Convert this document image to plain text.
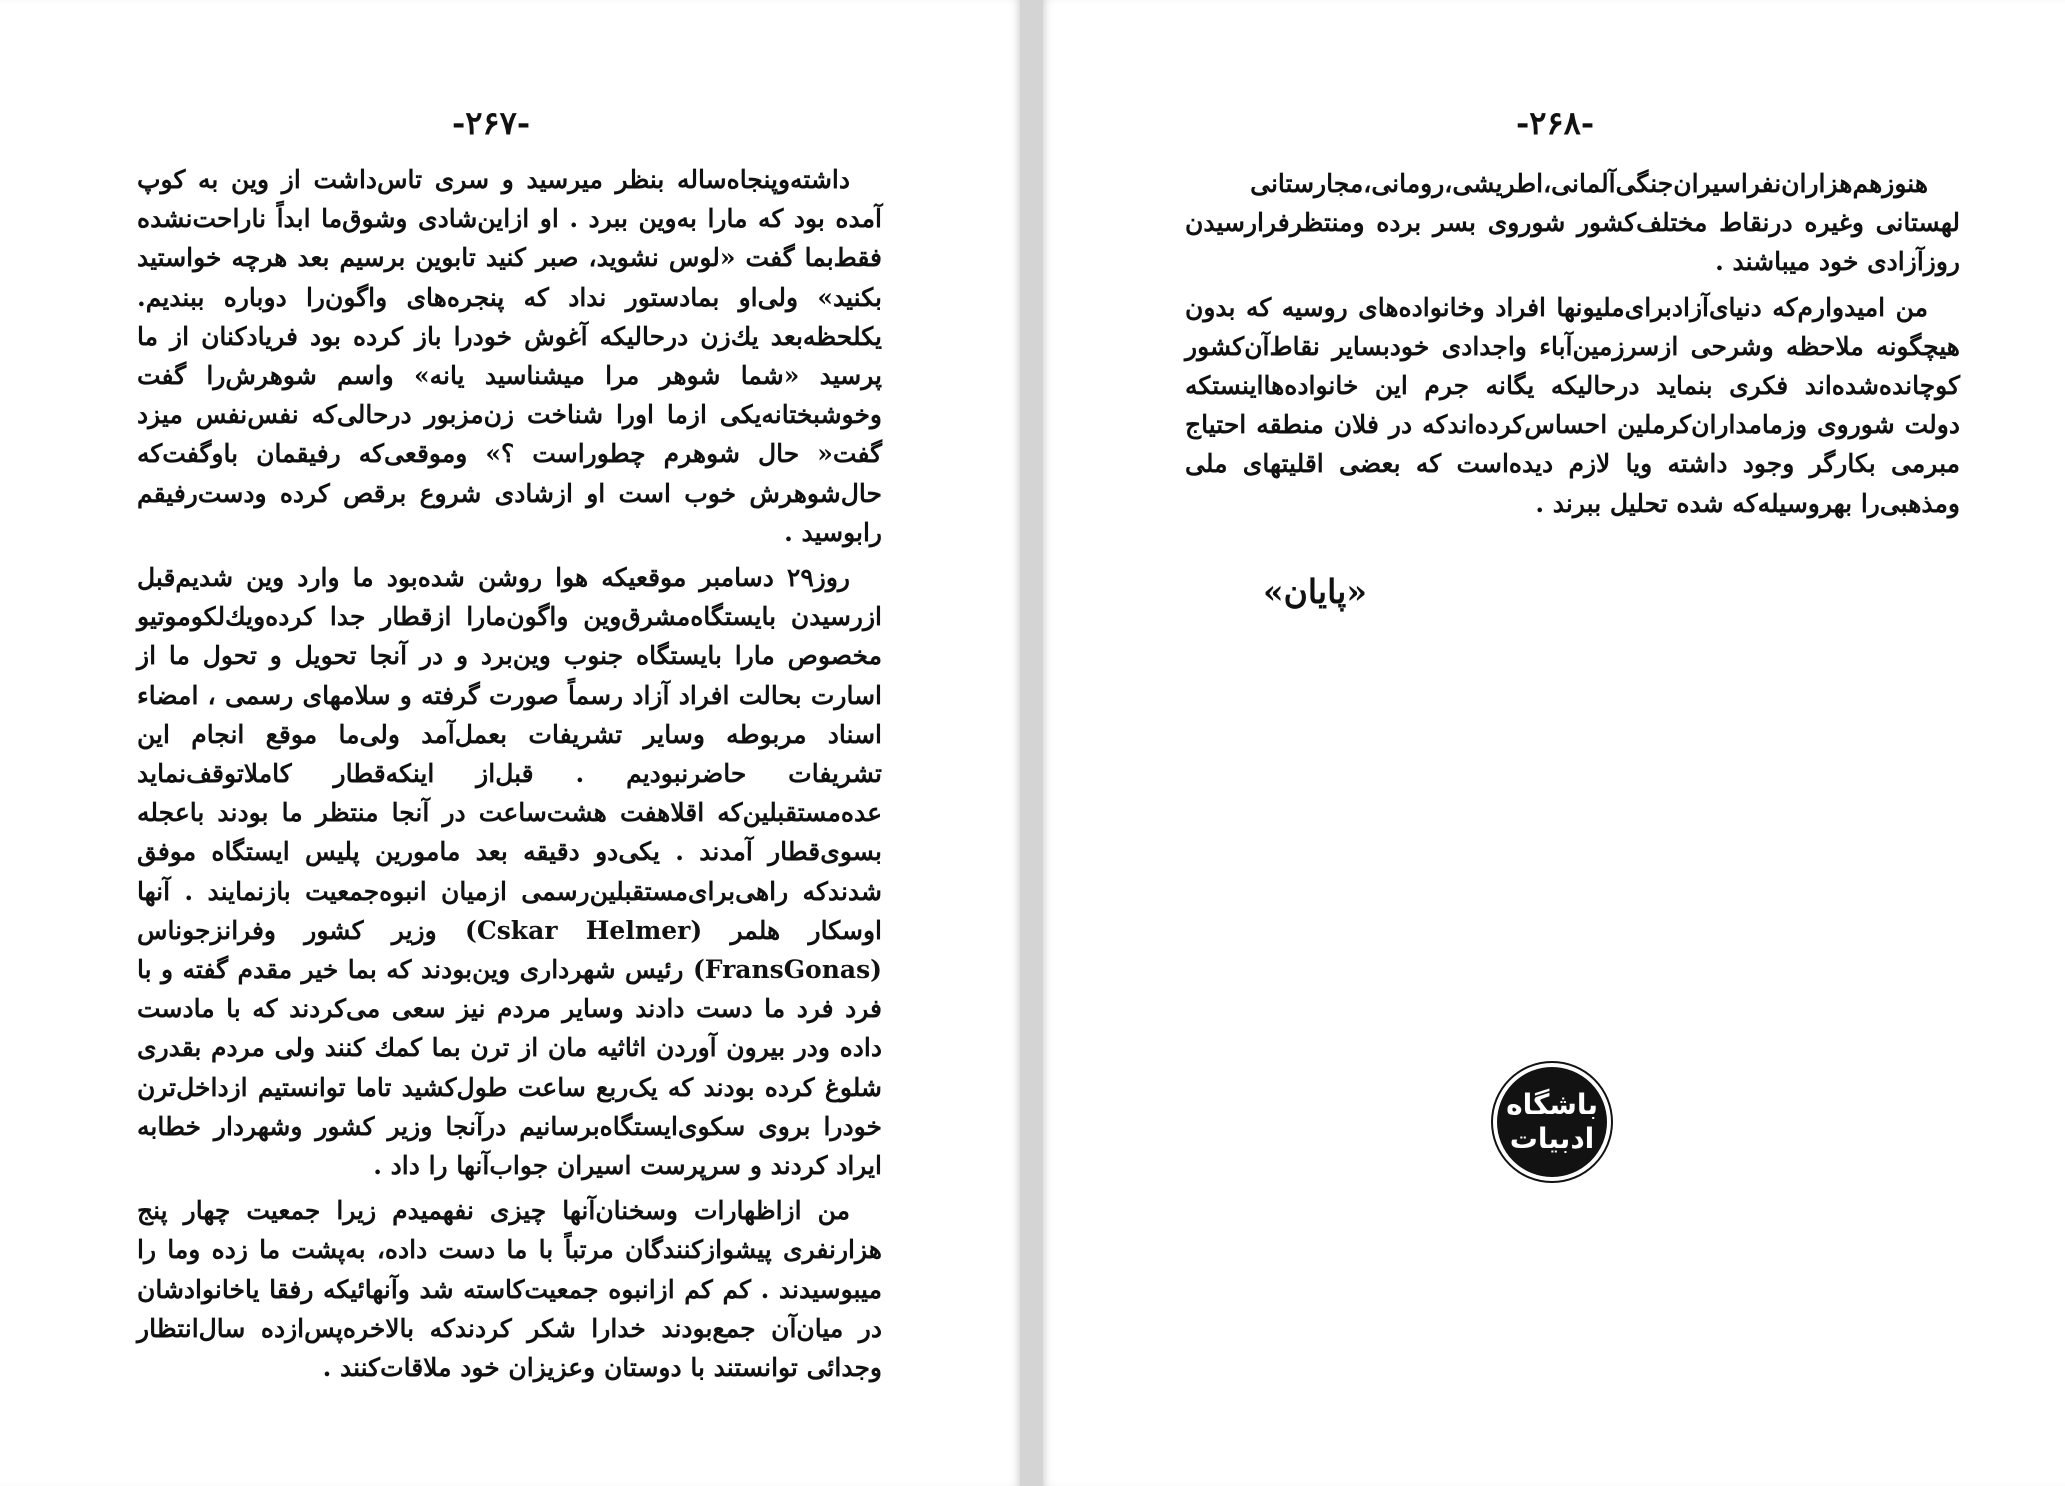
-۲۶۷-

داشته‌وپنجاه‌ساله بنظر میرسید و سری تاس‌داشت از وین به کوپ آمده بود که مارا به‌وین ببرد . او ازاین‌شادی وشوق‌ما ابداً ناراحت‌نشده فقط‌بما گفت «لوس نشوید، صبر کنید تابوین برسیم بعد هرچه خواستید بکنید» ولی‌او بما‌دستور نداد که پنجره‌های واگون‌را دوباره ببندیم. یکلحظه‌بعد یك‌زن درحالیکه آغوش خودرا باز کرده بود فریادکنان از ما پرسید «شما شوهر مرا میشناسید یانه» واسم شوهرش‌را گفت وخوشبختانه‌یکی ازما اورا شناخت زن‌مزبور درحالی‌که نفس‌نفس میزد گفت« حال شوهرم چطوراست ؟» وموقعی‌که رفیقمان باوگفت‌که حال‌شوهرش خوب است او ازشادی شروع برقص کرده ودست‌رفیقم را‌بوسید .

روز۲۹ دسامبر موقعیکه هوا روشن شده‌بود ما وارد وین شدیم‌قبل ازرسیدن بایستگاه‌مشرق‌وین واگون‌مارا ازقطار جدا کرده‌ویك‌لکوموتیو مخصوص مارا بایستگاه جنوب وین‌برد و در آنجا تحویل و تحول ما از اسارت بحالت افراد آزاد رسماً صورت گرفته و سلامهای رسمی ، امضاء اسناد مربوطه وسایر تشریفات بعمل‌آمد ولی‌ما موقع انجام این تشریفات حاضرنبودیم . قبل‌از اینکه‌قطار کاملاتوقف‌نماید عده‌مستقبلین‌که اقلاهفت هشت‌ساعت در آنجا منتظر ما بودند باعجله بسوی‌قطار آمدند . یکی‌دو دقیقه بعد مامورین پلیس ایستگاه موفق شدند‌که راهی‌برای‌مستقبلین‌رسمی ازمیان انبوه‌جمعیت بازنمایند . آنها اوسکار هلمر (Cskar Helmer) وزیر کشور وفرانزجوناس (FransGonas) رئیس شهرداری وین‌بودند که بما خیر مقدم گفته و با فرد فرد ما دست دادند وسایر مردم نیز سعی می‌کردند که با مادست داده ودر بیرون آوردن اثاثیه مان از ترن بما کمك کنند ولی مردم بقدری شلوغ کرده بودند که یک‌ربع ساعت طول‌کشید تاما توانستیم ازداخل‌ترن خودرا بروی سکوی‌ایستگاه‌برسانیم در‌آنجا وزیر کشور وشهردار خطابه ایراد کردند و سرپرست اسیران جواب‌آنها را داد .

من ازاظهارات وسخنان‌آنها چیزی نفهمیدم زیرا جمعیت چهار پنج هزارنفری پیشوازکنندگان مرتباً با ما دست داده، به‌پشت ما زده وما را میبوسیدند . کم کم ازانبوه جمعیت‌کاسته شد وآنهائیکه رفقا یاخانوادشان در میان‌آن جمع‌بودند خدارا شکر کردند‌که بالاخره‌پس‌ازده سال‌انتظار وجدائی توانستند با دوستان وعزیزان خود ملاقات‌کنند .

-۲۶۸-

هنوزهم‌هزاران‌نفراسیران‌جنگی‌آلمانی،اطریشی،رومانی،مجارستانی لهستانی وغیره درنقاط مختلف‌کشور شوروی بسر برده ومنتظرفرارسیدن روزآزادی خود میباشند .

من امیدوارم‌که دنیای‌آزاد‌برای‌ملیونها افراد وخانواده‌های روسیه که بدون هیچگونه ملاحظه وشرحی ازسرزمین‌آباء واجدادی خودبسایر نقاط‌آن‌کشور کوچانده‌شده‌اند فکری بنماید درحالیکه یگانه جرم این خانواده‌هااینستکه دولت شوروی وزمامداران‌کرملین احساس‌کرده‌اندکه در فلان منطقه احتیاج مبرمی بکارگر وجود داشته ویا لازم دیده‌است که بعضی اقلیتهای ملی ومذهبی‌را بهروسیله‌که شده تحلیل ببرند .

«پایان»
باشگاه
ادبیات
